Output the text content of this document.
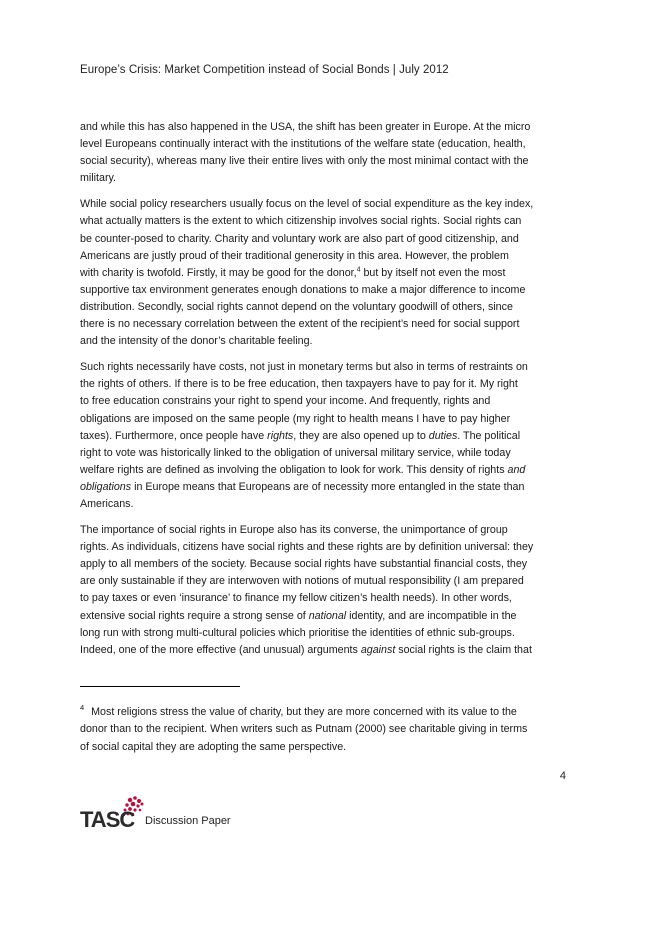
Europe’s Crisis: Market Competition instead of Social Bonds | July 2012

and while this has also happened in the USA, the shift has been greater in Europe. At the micro
level Europeans continually interact with the institutions of the welfare state (education, health,
social security), whereas many live their entire lives with only the most minimal contact with the
military.

While social policy researchers usually focus on the level of social expenditure as the key index,
what actually matters is the extent to which citizenship involves social rights. Social rights can
be counter-posed to charity. Charity and voluntary work are also part of good citizenship, and
Americans are justly proud of their traditional generosity in this area. However, the problem
with charity is twofold. Firstly, it may be good for the donor,$^4$ but by itself not even the most
supportive tax environment generates enough donations to make a major difference to income
distribution. Secondly, social rights cannot depend on the voluntary goodwill of others, since
there is no necessary correlation between the extent of the recipient’s need for social support
and the intensity of the donor’s charitable feeling.

Such rights necessarily have costs, not just in monetary terms but also in terms of restraints on
the rights of others. If there is to be free education, then taxpayers have to pay for it. My right
to free education constrains your right to spend your income. And frequently, rights and
obligations are imposed on the same people (my right to health means I have to pay higher
taxes). Furthermore, once people have rights, they are also opened up to duties. The political
right to vote was historically linked to the obligation of universal military service, while today
welfare rights are defined as involving the obligation to look for work. This density of rights and
obligations in Europe means that Europeans are of necessity more entangled in the state than
Americans.

The importance of social rights in Europe also has its converse, the unimportance of group
rights. As individuals, citizens have social rights and these rights are by definition universal: they
apply to all members of the society. Because social rights have substantial financial costs, they
are only sustainable if they are interwoven with notions of mutual responsibility (I am prepared
to pay taxes or even ‘insurance’ to finance my fellow citizen’s health needs). In other words,
extensive social rights require a strong sense of national identity, and are incompatible in the
long run with strong multi-cultural policies which prioritise the identities of ethnic sub-groups.
Indeed, one of the more effective (and unusual) arguments against social rights is the claim that

$^4$ Most religions stress the value of charity, but they are more concerned with its value to the
donor than to the recipient. When writers such as Putnam (2000) see charitable giving in terms
of social capital they are adopting the same perspective.
4
TASC Discussion Paper
